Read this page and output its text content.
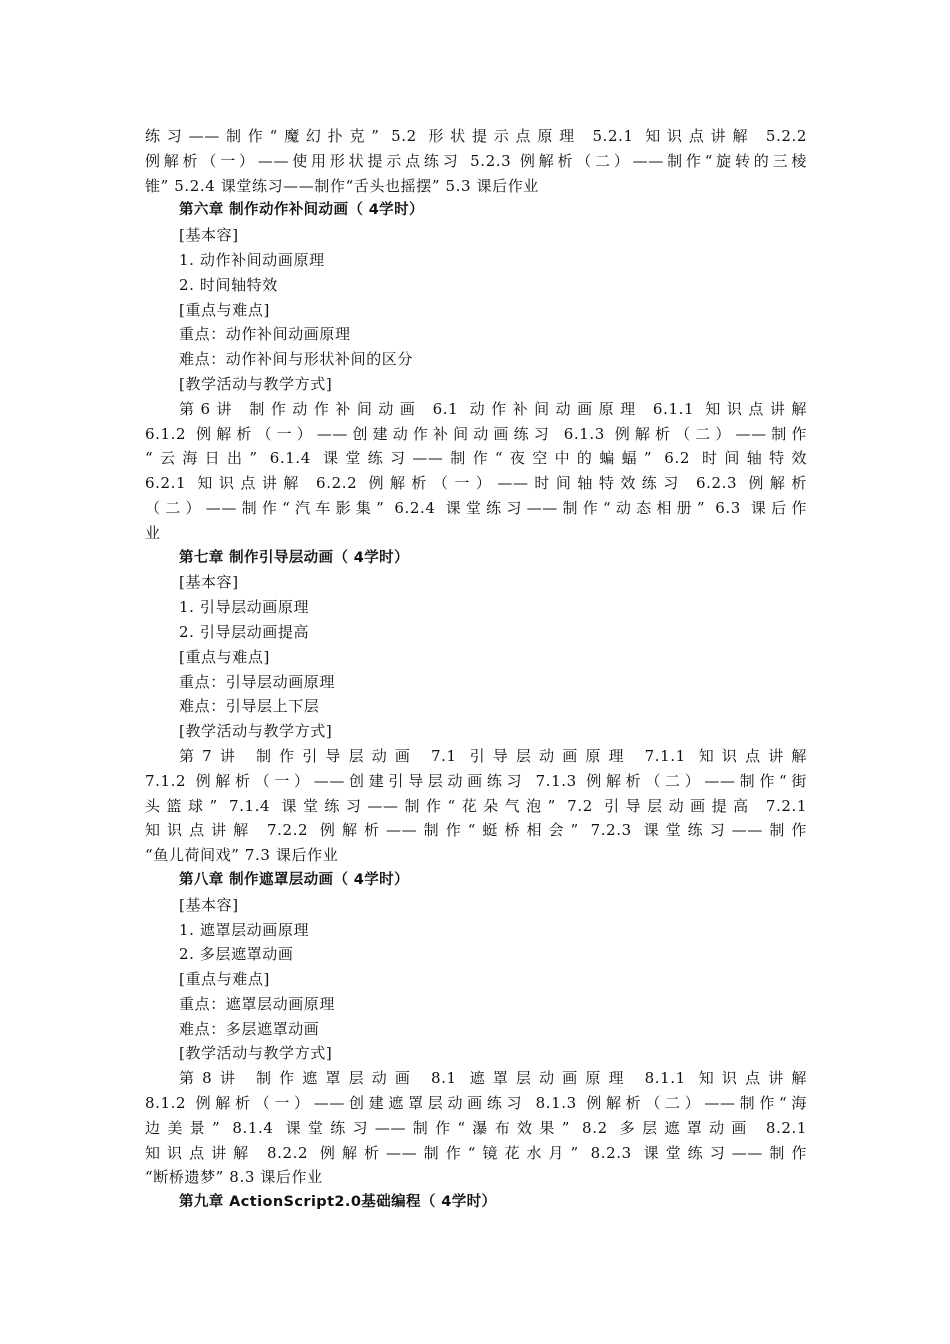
练习——制作“魔幻扑克” 5.2 形状提示点原理 5.2.1 知识点讲解 5.2.2
例解析（一）——使用形状提示点练习 5.2.3 例解析（二）——制作“旋转的三棱
锥” 5.2.4 课堂练习——制作“舌头也摇摆” 5.3 课后作业
第六章 制作动作补间动画（ 4学时）
[基本容]
1. 动作补间动画原理
2. 时间轴特效
[重点与难点]
重点：动作补间动画原理
难点：动作补间与形状补间的区分
[教学活动与教学方式]
第6讲 制作动作补间动画 6.1 动作补间动画原理 6.1.1 知识点讲解
6.1.2 例解析（一）——创建动作补间动画练习 6.1.3 例解析（二）——制作
“云海日出” 6.1.4 课堂练习——制作“夜空中的蝙蝠” 6.2 时间轴特效
6.2.1 知识点讲解 6.2.2 例解析（一）——时间轴特效练习 6.2.3 例解析
（二）——制作“汽车影集” 6.2.4 课堂练习——制作“动态相册” 6.3 课后作
业
第七章 制作引导层动画（ 4学时）
[基本容]
1. 引导层动画原理
2. 引导层动画提高
[重点与难点]
重点：引导层动画原理
难点：引导层上下层
[教学活动与教学方式]
第7讲 制作引导层动画 7.1 引导层动画原理 7.1.1 知识点讲解
7.1.2 例解析（一）——创建引导层动画练习 7.1.3 例解析（二）——制作“街
头篮球” 7.1.4 课堂练习——制作“花朵气泡” 7.2 引导层动画提高 7.2.1
知识点讲解 7.2.2 例解析——制作“蜓桥相会” 7.2.3 课堂练习——制作
“鱼儿荷间戏” 7.3 课后作业
第八章 制作遮罩层动画（ 4学时）
[基本容]
1. 遮罩层动画原理
2. 多层遮罩动画
[重点与难点]
重点：遮罩层动画原理
难点：多层遮罩动画
[教学活动与教学方式]
第8讲 制作遮罩层动画 8.1 遮罩层动画原理 8.1.1 知识点讲解
8.1.2 例解析（一）——创建遮罩层动画练习 8.1.3 例解析（二）——制作“海
边美景” 8.1.4 课堂练习——制作“瀑布效果” 8.2 多层遮罩动画 8.2.1
知识点讲解 8.2.2 例解析——制作“镜花水月” 8.2.3 课堂练习——制作
“断桥遗梦” 8.3 课后作业
第九章 ActionScript2.0基础编程（ 4学时）
